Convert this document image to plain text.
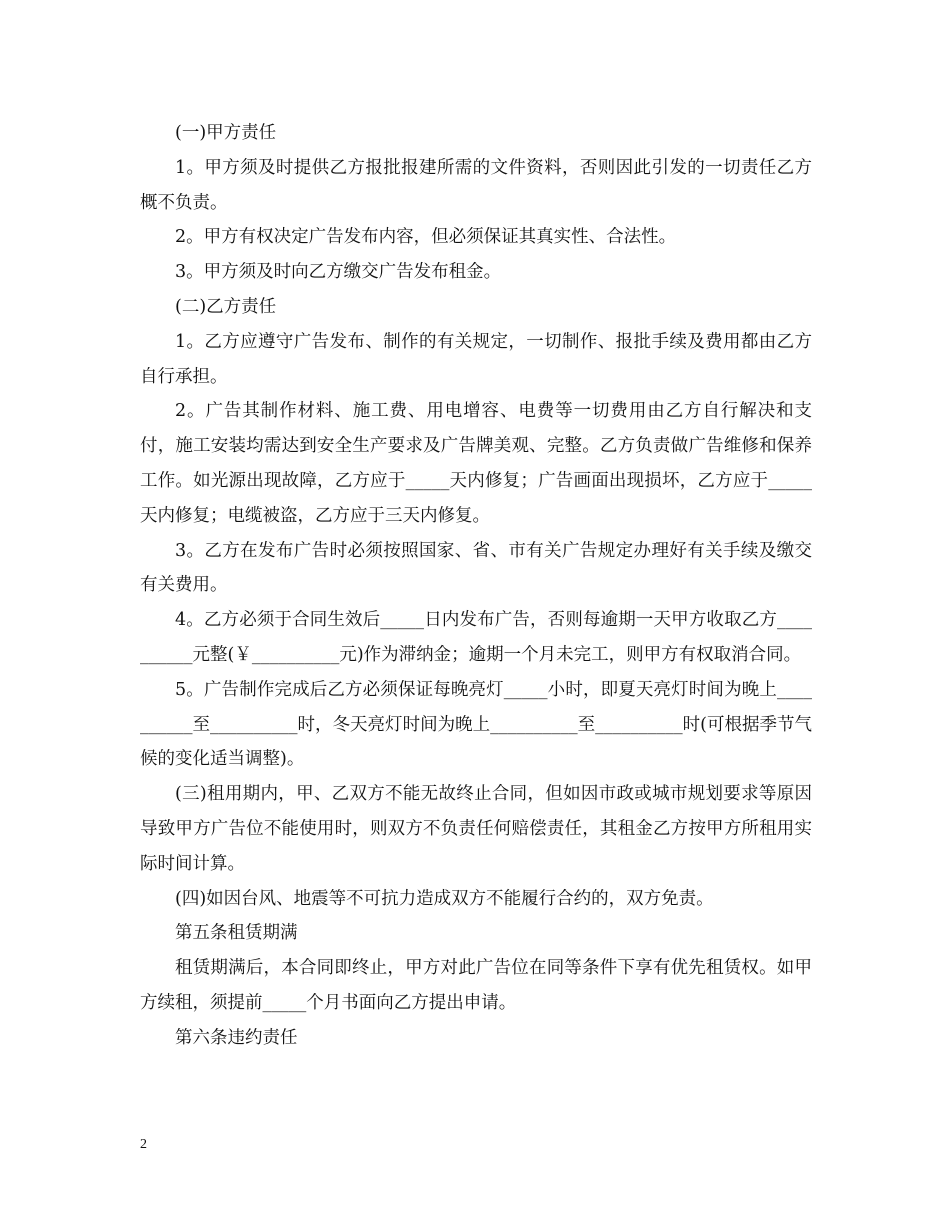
(一)甲方责任

1。甲方须及时提供乙方报批报建所需的文件资料，否则因此引发的一切责任乙方概不负责。

2。甲方有权决定广告发布内容，但必须保证其真实性、合法性。

3。甲方须及时向乙方缴交广告发布租金。

(二)乙方责任

1。乙方应遵守广告发布、制作的有关规定，一切制作、报批手续及费用都由乙方自行承担。

2。广告其制作材料、施工费、用电增容、电费等一切费用由乙方自行解决和支付，施工安装均需达到安全生产要求及广告牌美观、完整。乙方负责做广告维修和保养工作。如光源出现故障，乙方应于_____天内修复；广告画面出现损坏，乙方应于_____天内修复；电缆被盗，乙方应于三天内修复。

3。乙方在发布广告时必须按照国家、省、市有关广告规定办理好有关手续及缴交有关费用。

4。乙方必须于合同生效后_____日内发布广告，否则每逾期一天甲方收取乙方__________元整(￥__________元)作为滞纳金；逾期一个月未完工，则甲方有权取消合同。

5。广告制作完成后乙方必须保证每晚亮灯_____小时，即夏天亮灯时间为晚上__________至__________时，冬天亮灯时间为晚上__________至__________时(可根据季节气候的变化适当调整)。

(三)租用期内，甲、乙双方不能无故终止合同，但如因市政或城市规划要求等原因导致甲方广告位不能使用时，则双方不负责任何赔偿责任，其租金乙方按甲方所租用实际时间计算。

(四)如因台风、地震等不可抗力造成双方不能履行合约的，双方免责。

第五条租赁期满

租赁期满后，本合同即终止，甲方对此广告位在同等条件下享有优先租赁权。如甲方续租，须提前_____个月书面向乙方提出申请。

第六条违约责任

2
